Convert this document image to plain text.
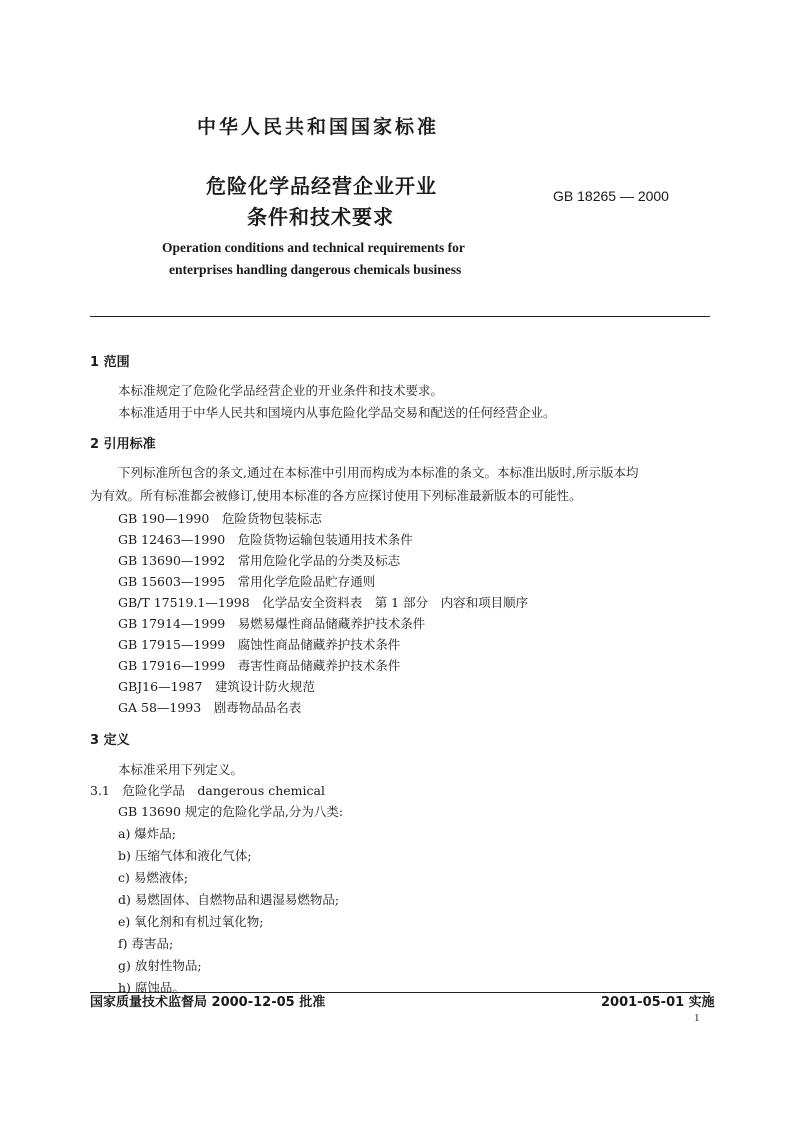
中华人民共和国国家标准
危险化学品经营企业开业
条件和技术要求
GB 18265 — 2000
Operation conditions and technical requirements for
enterprises handling dangerous chemicals business
1 范围
本标准规定了危险化学品经营企业的开业条件和技术要求。
本标准适用于中华人民共和国境内从事危险化学品交易和配送的任何经营企业。
2 引用标准
下列标准所包含的条文,通过在本标准中引用而构成为本标准的条文。本标准出版时,所示版本均
为有效。所有标准都会被修订,使用本标准的各方应探讨使用下列标准最新版本的可能性。
GB 190—1990　危险货物包装标志
GB 12463—1990　危险货物运输包装通用技术条件
GB 13690—1992　常用危险化学品的分类及标志
GB 15603—1995　常用化学危险品贮存通则
GB/T 17519.1—1998　化学品安全资料表　第 1 部分　内容和项目顺序
GB 17914—1999　易燃易爆性商品储藏养护技术条件
GB 17915—1999　腐蚀性商品储藏养护技术条件
GB 17916—1999　毒害性商品储藏养护技术条件
GBJ16—1987　建筑设计防火规范
GA 58—1993　剧毒物品品名表
3 定义
本标准采用下列定义。
3.1　危险化学品　dangerous chemical
GB 13690 规定的危险化学品,分为八类:
a) 爆炸品;
b) 压缩气体和液化气体;
c) 易燃液体;
d) 易燃固体、自燃物品和遇湿易燃物品;
e) 氧化剂和有机过氧化物;
f) 毒害品;
g) 放射性物品;
h) 腐蚀品。
国家质量技术监督局 2000-12-05 批准	2001-05-01 实施
1
